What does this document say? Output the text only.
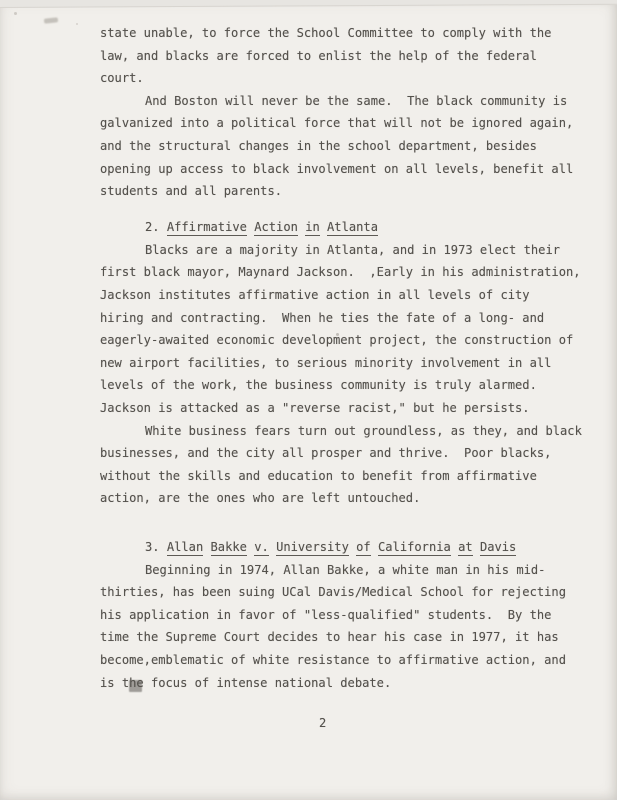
state unable, to force the School Committee to comply with the
law, and blacks are forced to enlist the help of the federal
court.
And Boston will never be the same.  The black community is
galvanized into a political force that will not be ignored again,
and the structural changes in the school department, besides
opening up access to black involvement on all levels, benefit all
students and all parents.
2. Affirmative Action in Atlanta
Blacks are a majority in Atlanta, and in 1973 elect their
first black mayor, Maynard Jackson.  ,Early in his administration,
Jackson institutes affirmative action in all levels of city
hiring and contracting.  When he ties the fate of a long- and
eagerly-awaited economic development project, the construction of
new airport facilities, to serious minority involvement in all
levels of the work, the business community is truly alarmed.
Jackson is attacked as a "reverse racist," but he persists.
White business fears turn out groundless, as they, and black
businesses, and the city all prosper and thrive.  Poor blacks,
without the skills and education to benefit from affirmative
action, are the ones who are left untouched.
3. Allan Bakke v. University of California at Davis
Beginning in 1974, Allan Bakke, a white man in his mid-
thirties, has been suing UCal Davis/Medical School for rejecting
his application in favor of "less-qualified" students.  By the
time the Supreme Court decides to hear his case in 1977, it has
become,emblematic of white resistance to affirmative action, and
is the focus of intense national debate.
2
